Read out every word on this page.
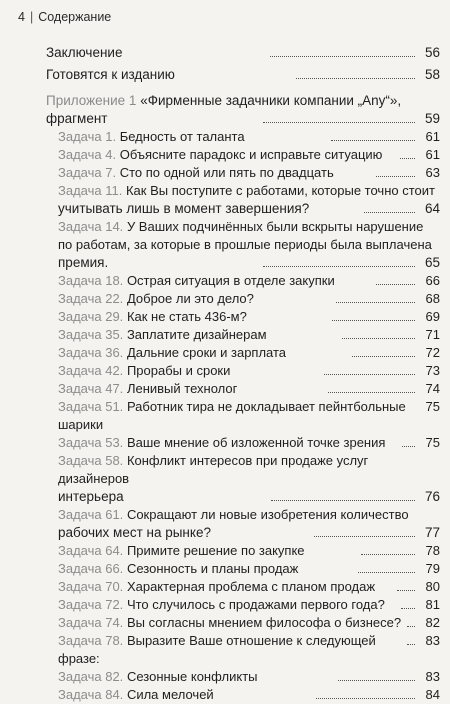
4 | Содержание
Заключение	56
Готовятся к изданию	58
Приложение 1 «Фирменные задачники компании „Any“»,
фрагмент	59
Задача 1. Бедность от таланта	61
Задача 4. Объясните парадокс и исправьте ситуацию	61
Задача 7. Сто по одной или пять по двадцать	63
Задача 11. Как Вы поступите с работами, которые точно стоит
учитывать лишь в момент завершения?	64
Задача 14. У Ваших подчинённых были вскрыты нарушение
по работам, за которые в прошлые периоды была выплачена
премия.	65
Задача 18. Острая ситуация в отделе закупки	66
Задача 22. Доброе ли это дело?	68
Задача 29. Как не стать 436-м?	69
Задача 35. Заплатите дизайнерам	71
Задача 36. Дальние сроки и зарплата	72
Задача 42. Прорабы и сроки	73
Задача 47. Ленивый технолог	74
Задача 51. Работник тира не докладывает пейнтбольные шарики
75
Задача 53. Ваше мнение об изложенной точке зрения	75
Задача 58. Конфликт интересов при продаже услуг дизайнеров
интерьера	76
Задача 61. Сокращают ли новые изобретения количество
рабочих мест на рынке?	77
Задача 64. Примите решение по закупке	78
Задача 66. Сезонность и планы продаж	79
Задача 70. Характерная проблема с планом продаж	80
Задача 72. Что случилось с продажами первого года?	81
Задача 74. Вы согласны мнением философа о бизнесе?	82
Задача 78. Выразите Ваше отношение к следующей фразе:
83
Задача 82. Сезонные конфликты	83
Задача 84. Сила мелочей	84
